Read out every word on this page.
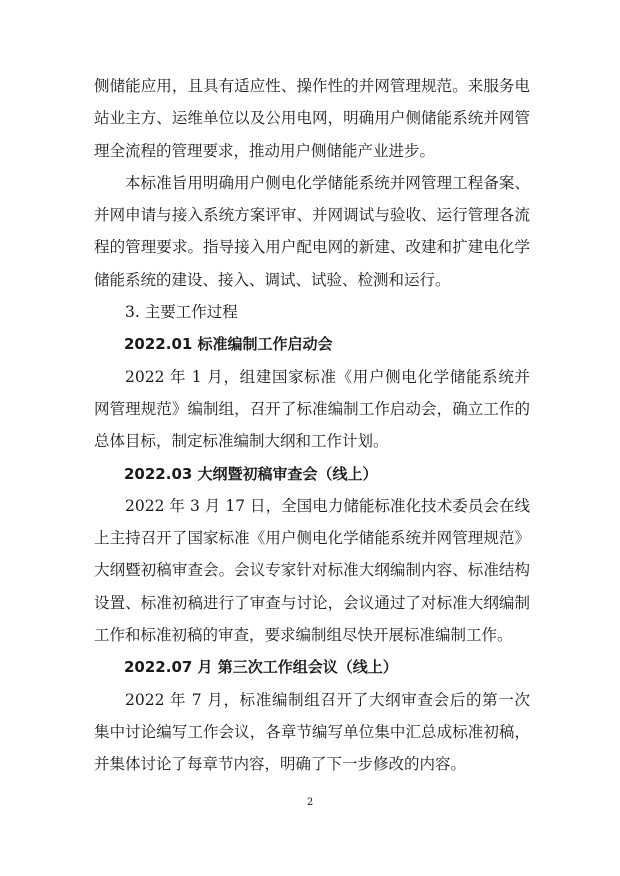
侧储能应用，且具有适应性、操作性的并网管理规范。来服务电站业主方、运维单位以及公用电网，明确用户侧储能系统并网管理全流程的管理要求，推动用户侧储能产业进步。

本标准旨用明确用户侧电化学储能系统并网管理工程备案、并网申请与接入系统方案评审、并网调试与验收、运行管理各流程的管理要求。指导接入用户配电网的新建、改建和扩建电化学储能系统的建设、接入、调试、试验、检测和运行。

3. 主要工作过程

2022.01 标准编制工作启动会

2022 年 1 月，组建国家标准《用户侧电化学储能系统并网管理规范》编制组，召开了标准编制工作启动会，确立工作的总体目标，制定标准编制大纲和工作计划。

2022.03 大纲暨初稿审查会（线上）

2022 年 3 月 17 日，全国电力储能标准化技术委员会在线上主持召开了国家标准《用户侧电化学储能系统并网管理规范》大纲暨初稿审查会。会议专家针对标准大纲编制内容、标准结构设置、标准初稿进行了审查与讨论，会议通过了对标准大纲编制工作和标准初稿的审查，要求编制组尽快开展标准编制工作。

2022.07 月 第三次工作组会议（线上）

2022 年 7 月，标准编制组召开了大纲审查会后的第一次集中讨论编写工作会议，各章节编写单位集中汇总成标准初稿，并集体讨论了每章节内容，明确了下一步修改的内容。

2
